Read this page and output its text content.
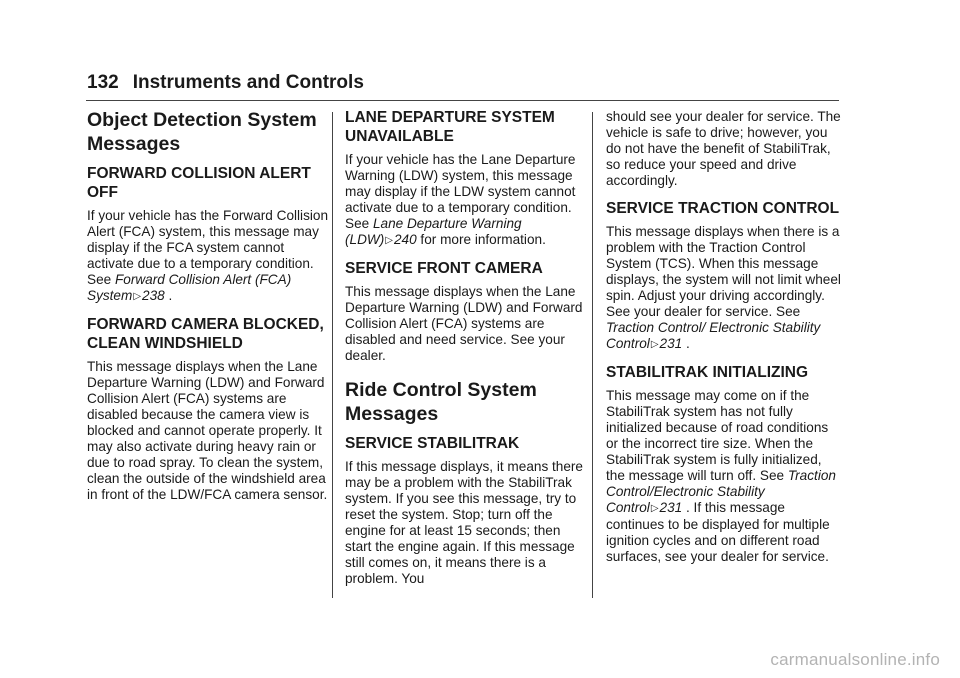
132 Instruments and Controls
Object Detection System Messages
FORWARD COLLISION ALERT OFF
If your vehicle has the Forward Collision Alert (FCA) system, this message may display if the FCA system cannot activate due to a temporary condition. See Forward Collision Alert (FCA) System▷238 .
FORWARD CAMERA BLOCKED, CLEAN WINDSHIELD
This message displays when the Lane Departure Warning (LDW) and Forward Collision Alert (FCA) systems are disabled because the camera view is blocked and cannot operate properly. It may also activate during heavy rain or due to road spray. To clean the system, clean the outside of the windshield area in front of the LDW/FCA camera sensor.
LANE DEPARTURE SYSTEM UNAVAILABLE
If your vehicle has the Lane Departure Warning (LDW) system, this message may display if the LDW system cannot activate due to a temporary condition. See Lane Departure Warning (LDW)▷240 for more information.
SERVICE FRONT CAMERA
This message displays when the Lane Departure Warning (LDW) and Forward Collision Alert (FCA) systems are disabled and need service. See your dealer.
Ride Control System Messages
SERVICE STABILITRAK
If this message displays, it means there may be a problem with the StabiliTrak system. If you see this message, try to reset the system. Stop; turn off the engine for at least 15 seconds; then start the engine again. If this message still comes on, it means there is a problem. You
should see your dealer for service. The vehicle is safe to drive; however, you do not have the benefit of StabiliTrak, so reduce your speed and drive accordingly.
SERVICE TRACTION CONTROL
This message displays when there is a problem with the Traction Control System (TCS). When this message displays, the system will not limit wheel spin. Adjust your driving accordingly. See your dealer for service. See Traction Control/ Electronic Stability Control▷231 .
STABILITRAK INITIALIZING
This message may come on if the StabiliTrak system has not fully initialized because of road conditions or the incorrect tire size. When the StabiliTrak system is fully initialized, the message will turn off. See Traction Control/Electronic Stability Control▷231 . If this message continues to be displayed for multiple ignition cycles and on different road surfaces, see your dealer for service.
carmanualsonline.info
